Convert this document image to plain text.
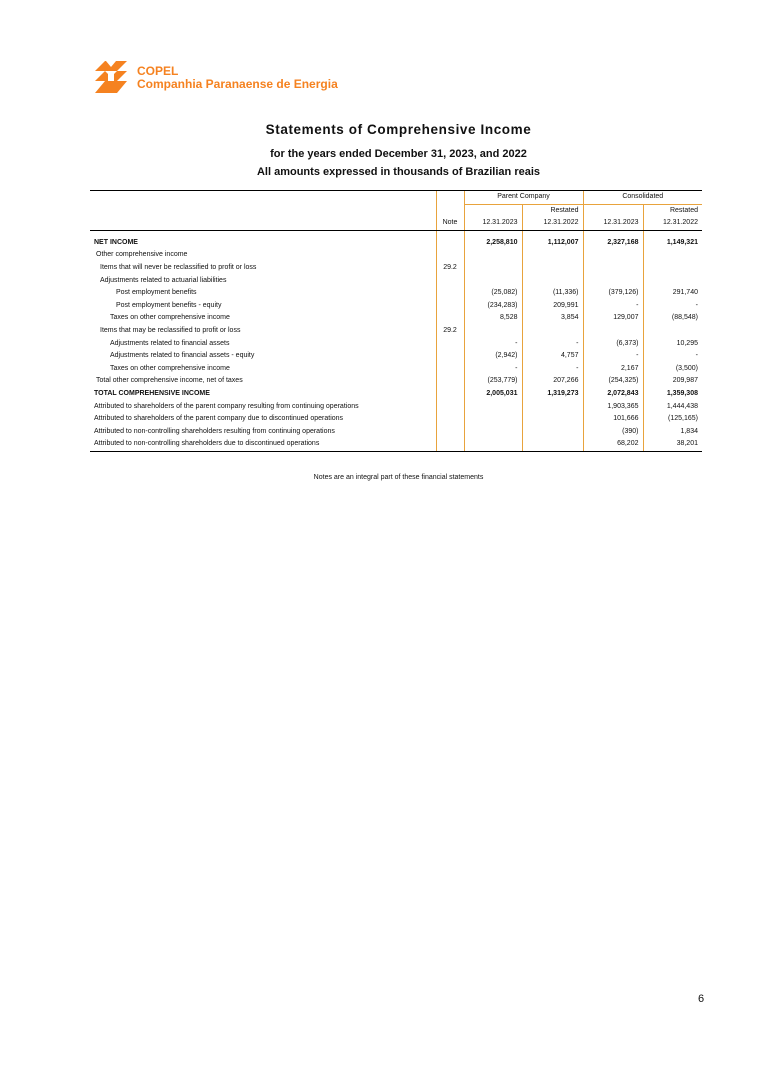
COPEL
Companhia Paranaense de Energia
Statements of Comprehensive Income
for the years ended December 31, 2023, and 2022
All amounts expressed in thousands of Brazilian reais
		Parent Company		Consolidated	
			Restated		Restated
	Note	12.31.2023	12.31.2022	12.31.2023	12.31.2022

NET INCOME		2,258,810	1,112,007	2,327,168	1,149,321
Other comprehensive income					
Items that will never be reclassified to profit or loss	29.2				
Adjustments related to actuarial liabilities					
Post employment benefits		(25,082)	(11,336)	(379,126)	291,740
Post employment benefits - equity		(234,283)	209,991	-	-
Taxes on other comprehensive income		8,528	3,854	129,007	(88,548)
Items that may be reclassified to profit or loss	29.2				
Adjustments related to financial assets		-	-	(6,373)	10,295
Adjustments related to financial assets - equity		(2,942)	4,757	-	-
Taxes on other comprehensive income		-	-	2,167	(3,500)
Total other comprehensive income, net of taxes		(253,779)	207,266	(254,325)	209,987
TOTAL COMPREHENSIVE INCOME		2,005,031	1,319,273	2,072,843	1,359,308
Attributed to shareholders of the parent company resulting from continuing operations				1,903,365	1,444,438
Attributed to shareholders of the parent company due to discontinued operations				101,666	(125,165)
Attributed to non-controlling shareholders resulting from continuing operations				(390)	1,834
Attributed to non-controlling shareholders due to discontinued operations				68,202	38,201
Notes are an integral part of these financial statements
6
